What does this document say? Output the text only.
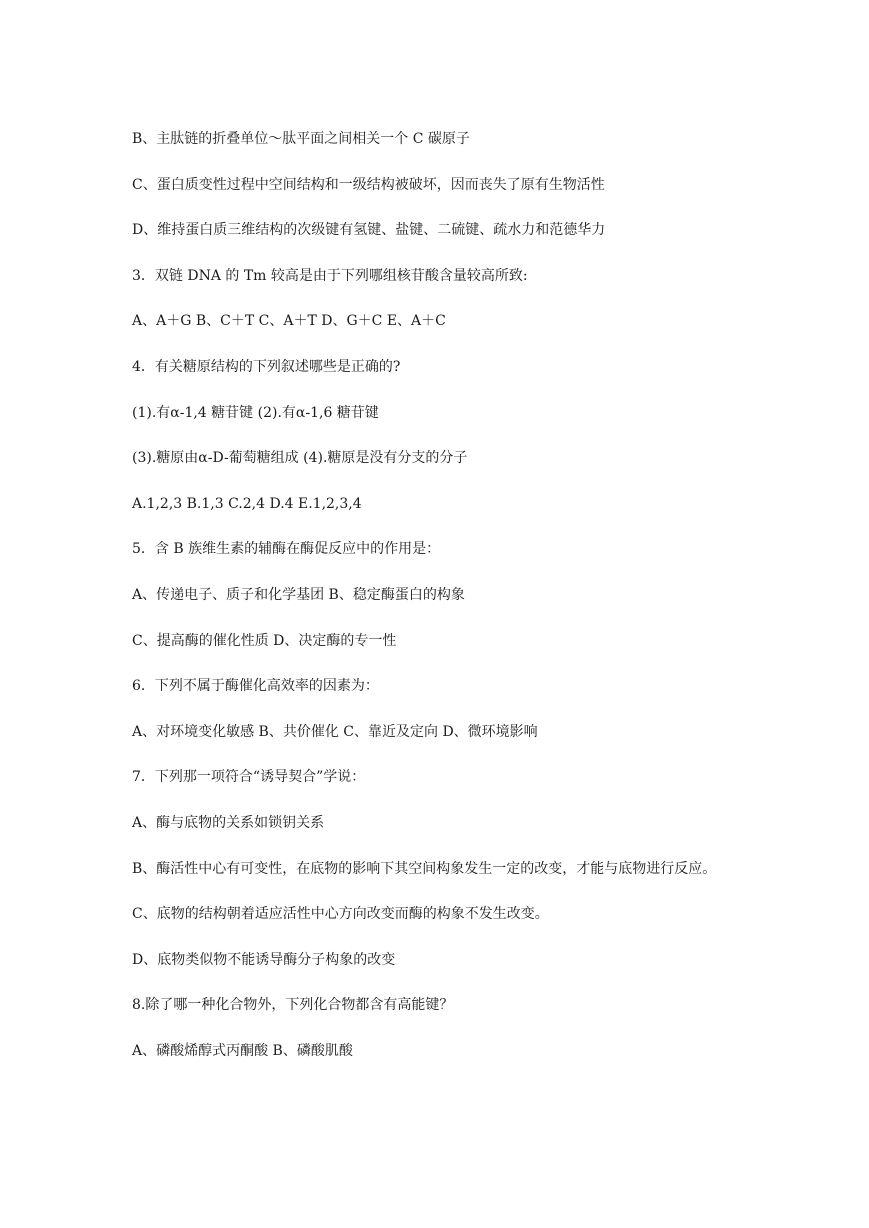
B、主肽链的折叠单位～肽平面之间相关一个 C 碳原子

C、蛋白质变性过程中空间结构和一级结构被破坏，因而丧失了原有生物活性

D、维持蛋白质三维结构的次级键有氢键、盐键、二硫键、疏水力和范德华力

3．双链 DNA 的 Tm 较高是由于下列哪组核苷酸含量较高所致:

A、A＋G B、C＋T C、A＋T D、G＋C E、A＋C

4．有关糖原结构的下列叙述哪些是正确的?

(1).有α-1,4 糖苷键 (2).有α-1,6 糖苷键

(3).糖原由α-D-葡萄糖组成 (4).糖原是没有分支的分子

A.1,2,3 B.1,3 C.2,4 D.4 E.1,2,3,4

5．含 B 族维生素的辅酶在酶促反应中的作用是：

A、传递电子、质子和化学基团 B、稳定酶蛋白的构象

C、提高酶的催化性质 D、决定酶的专一性

6．下列不属于酶催化高效率的因素为：

A、对环境变化敏感 B、共价催化 C、靠近及定向 D、微环境影响

7．下列那一项符合“诱导契合”学说：

A、酶与底物的关系如锁钥关系

B、酶活性中心有可变性，在底物的影响下其空间构象发生一定的改变，才能与底物进行反应。

C、底物的结构朝着适应活性中心方向改变而酶的构象不发生改变。

D、底物类似物不能诱导酶分子构象的改变

8.除了哪一种化合物外，下列化合物都含有高能键？

A、磷酸烯醇式丙酮酸 B、磷酸肌酸
